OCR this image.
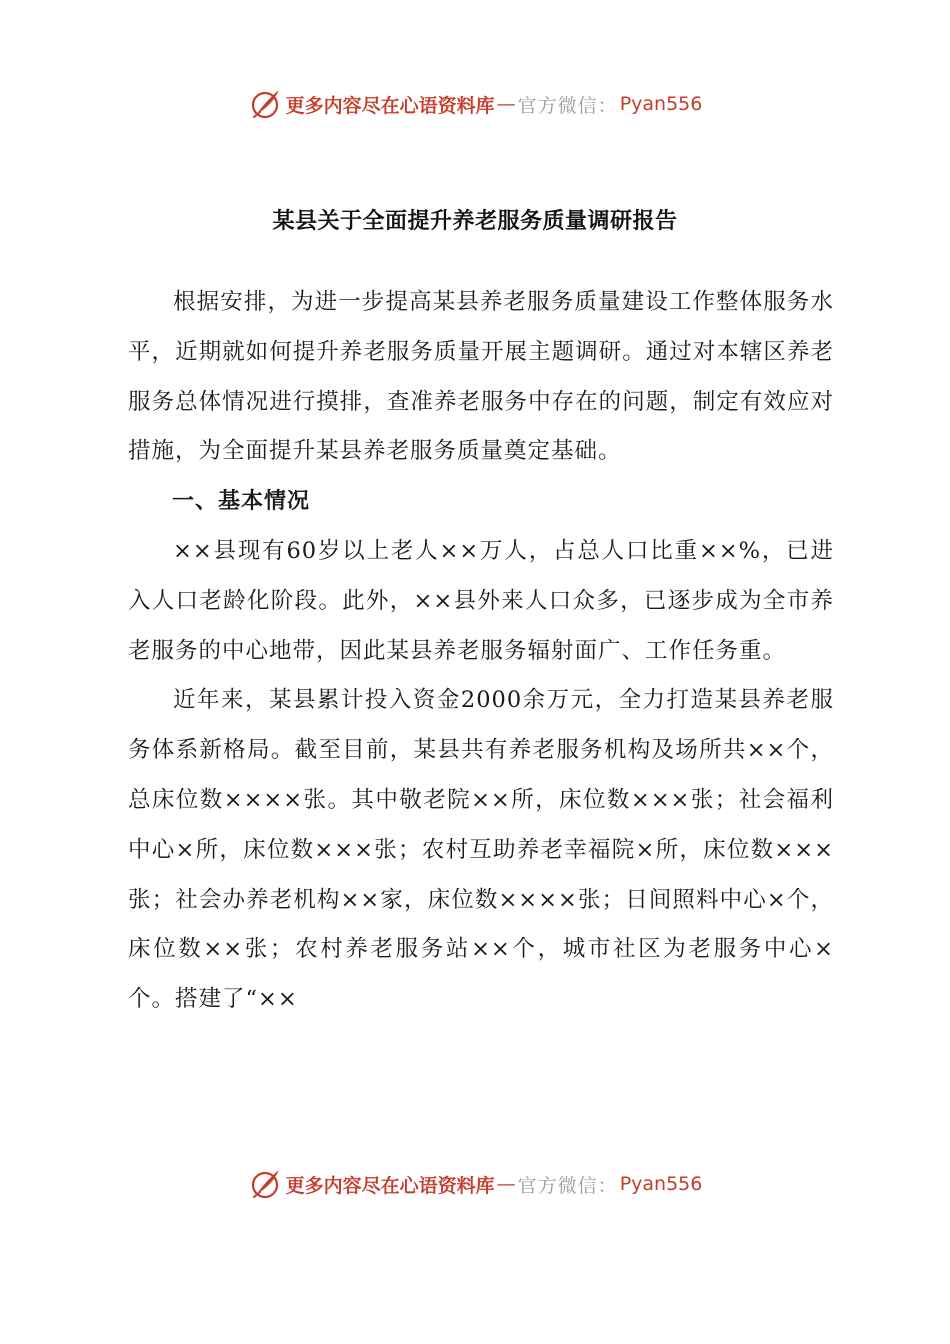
更多内容尽在心语资料库 — 官方微信： Pyan556
某县关于全面提升养老服务质量调研报告

根据安排，为进一步提高某县养老服务质量建设工作整体服务水平，近期就如何提升养老服务质量开展主题调研。通过对本辖区养老服务总体情况进行摸排，查准养老服务中存在的问题，制定有效应对措施，为全面提升某县养老服务质量奠定基础。

一、基本情况

××县现有60岁以上老人××万人，占总人口比重××%，已进入人口老龄化阶段。此外，××县外来人口众多，已逐步成为全市养老服务的中心地带，因此某县养老服务辐射面广、工作任务重。

近年来，某县累计投入资金2000余万元，全力打造某县养老服务体系新格局。截至目前，某县共有养老服务机构及场所共××个，总床位数××××张。其中敬老院××所，床位数×××张；社会福利中心×所，床位数×××张；农村互助养老幸福院×所，床位数×××张；社会办养老机构××家，床位数××××张；日间照料中心×个，床位数××张；农村养老服务站××个，城市社区为老服务中心×个。搭建了“××

更多内容尽在心语资料库 — 官方微信： Pyan556
